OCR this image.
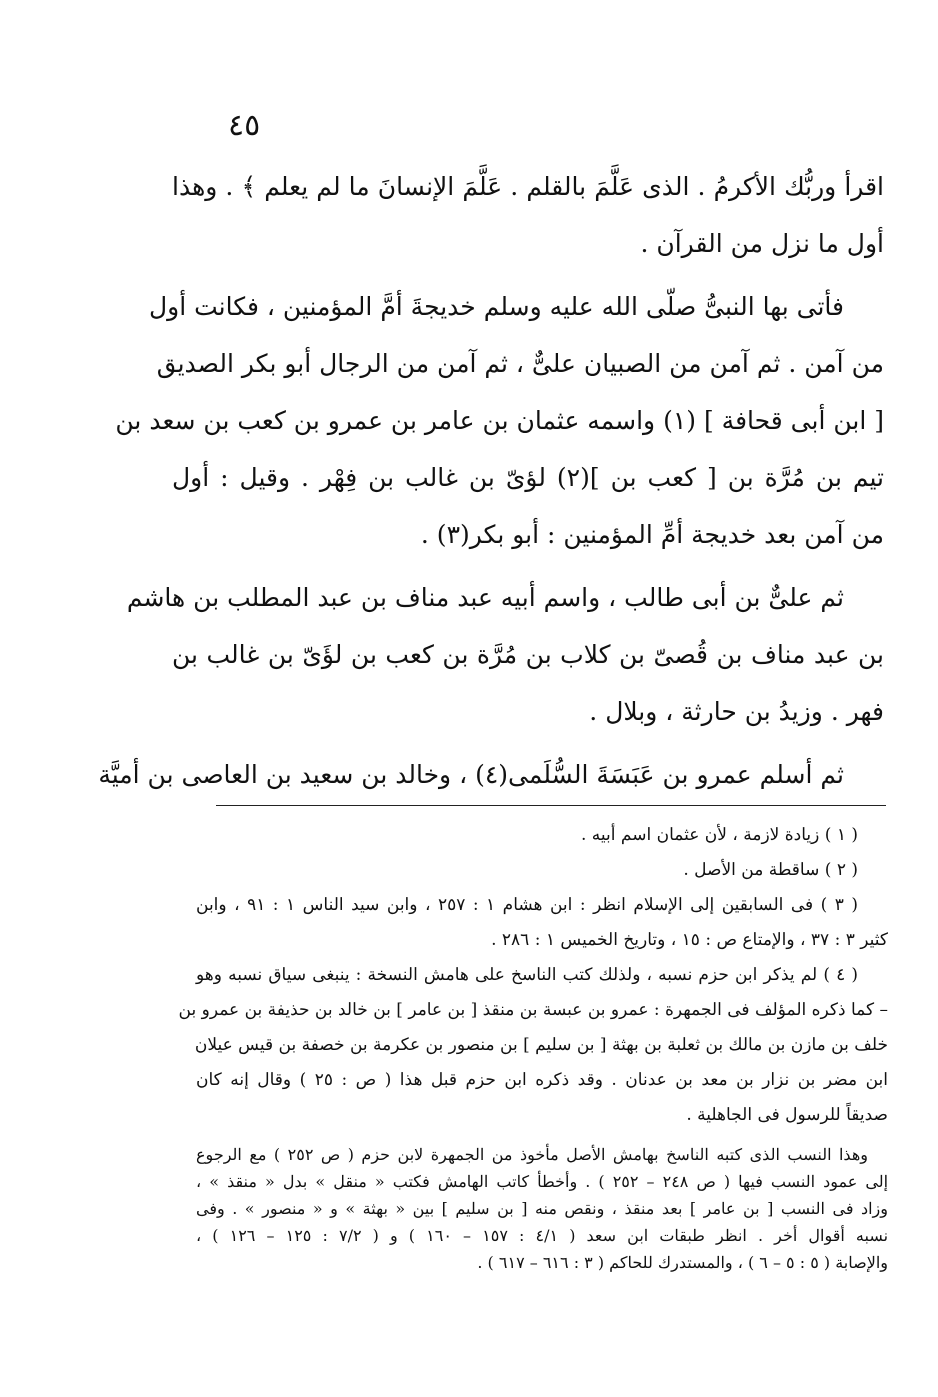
٤٥
اقرأ وربُّك الأكرمُ . الذى عَلَّمَ بالقلم . عَلَّمَ الإنسانَ ما لم يعلم ﴾ . وهذا
أول ما نزل من القرآن .
فأتى بها النبىُّ صلّى الله عليه وسلم خديجةَ أمَّ المؤمنين ، فكانت أول
من آمن . ثم آمن من الصبيان علىٌّ ، ثم آمن من الرجال أبو بكر الصديق
[ ابن أبى قحافة ] (١) واسمه عثمان بن عامر بن عمرو بن كعب بن سعد بن
تيم بن مُرَّة بن [ كعب بن ](٢) لؤىّ بن غالب بن فِهْر . وقيل : أول
من آمن بعد خديجة أمِّ المؤمنين : أبو بكر(٣) .
ثم علىٌّ بن أبى طالب ، واسم أبيه عبد مناف بن عبد المطلب بن هاشم
بن عبد مناف بن قُصىّ بن كلاب بن مُرَّة بن كعب بن لؤَىّ بن غالب بن
فهر . وزيدُ بن حارثة ، وبلال .
ثم أسلم عمرو بن عَبَسَةَ السُّلَمى(٤) ، وخالد بن سعيد بن العاصى بن أميَّة
( ١ ) زيادة لازمة ، لأن عثمان اسم أبيه .
( ٢ ) ساقطة من الأصل .
( ٣ ) فى السابقين إلى الإسلام انظر : ابن هشام ١ : ٢٥٧ ، وابن سيد الناس ١ : ٩١ ، وابن
كثير ٣ : ٣٧ ، والإمتاع ص : ١٥ ، وتاريخ الخميس ١ : ٢٨٦ .
( ٤ ) لم يذكر ابن حزم نسبه ، ولذلك كتب الناسخ على هامش النسخة : ينبغى سياق نسبه وهو
– كما ذكره المؤلف فى الجمهرة : عمرو بن عبسة بن منقذ [ بن عامر ] بن خالد بن حذيفة بن عمرو بن
خلف بن مازن بن مالك بن ثعلبة بن بهثة [ بن سليم ] بن منصور بن عكرمة بن خصفة بن قيس عيلان
ابن مضر بن نزار بن معد بن عدنان . وقد ذكره ابن حزم قبل هذا ( ص : ٢٥ ) وقال إنه كان
صديقاً للرسول فى الجاهلية .
وهذا النسب الذى كتبه الناسخ بهامش الأصل مأخوذ من الجمهرة لابن حزم ( ص ٢٥٢ ) مع الرجوع
إلى عمود النسب فيها ( ص ٢٤٨ – ٢٥٢ ) . وأخطأ كاتب الهامش فكتب « منقل » بدل « منقذ » ،
وزاد فى النسب [ بن عامر ] بعد منقذ ، ونقص منه [ بن سليم ] بين « بهثة » و « منصور » . وفى
نسبه أقوال أخر . انظر طبقات ابن سعد ( ٤/١ : ١٥٧ – ١٦٠ ) و ( ٧/٢ : ١٢٥ – ١٢٦ ) ،
والإصابة ( ٥ : ٥ – ٦ ) ، والمستدرك للحاكم ( ٣ : ٦١٦ – ٦١٧ ) .
